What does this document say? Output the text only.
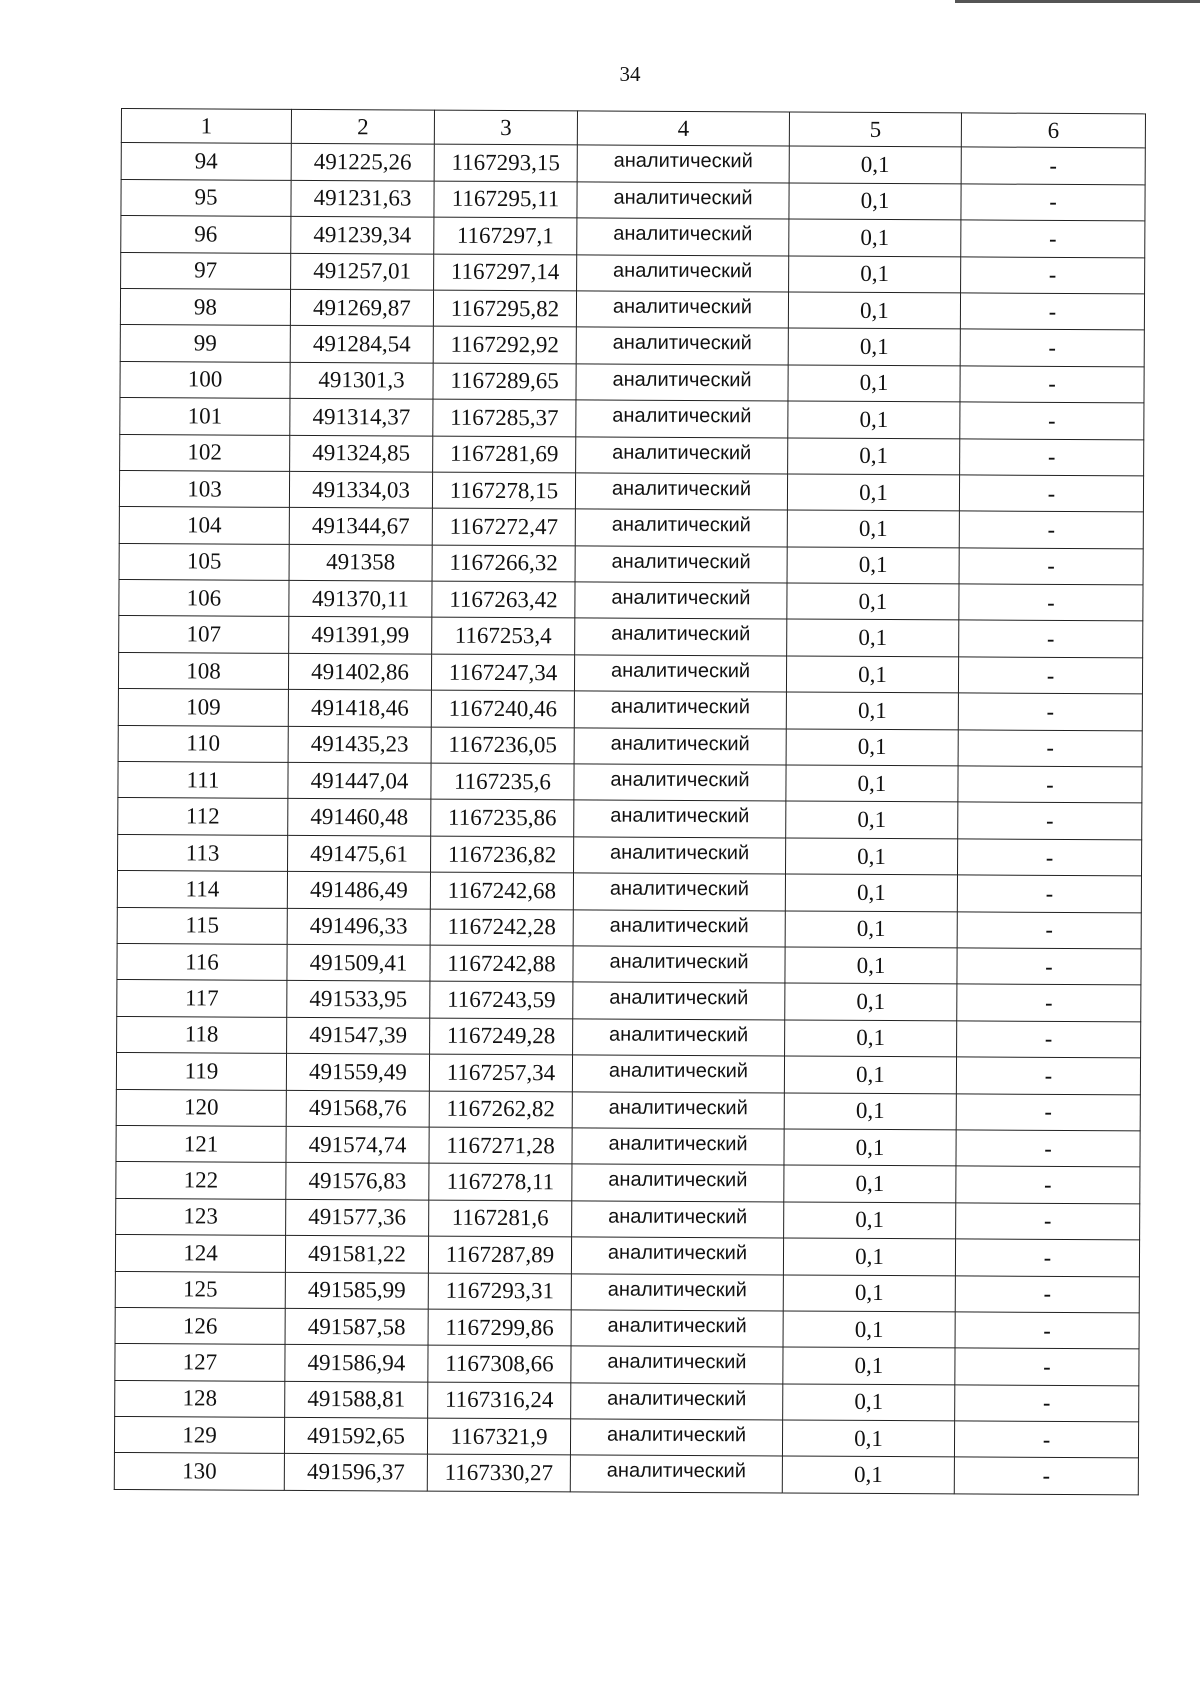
34
1	2	3	4	5	6
94	491225,26	1167293,15	аналитический	0,1	-
95	491231,63	1167295,11	аналитический	0,1	-
96	491239,34	1167297,1	аналитический	0,1	-
97	491257,01	1167297,14	аналитический	0,1	-
98	491269,87	1167295,82	аналитический	0,1	-
99	491284,54	1167292,92	аналитический	0,1	-
100	491301,3	1167289,65	аналитический	0,1	-
101	491314,37	1167285,37	аналитический	0,1	-
102	491324,85	1167281,69	аналитический	0,1	-
103	491334,03	1167278,15	аналитический	0,1	-
104	491344,67	1167272,47	аналитический	0,1	-
105	491358	1167266,32	аналитический	0,1	-
106	491370,11	1167263,42	аналитический	0,1	-
107	491391,99	1167253,4	аналитический	0,1	-
108	491402,86	1167247,34	аналитический	0,1	-
109	491418,46	1167240,46	аналитический	0,1	-
110	491435,23	1167236,05	аналитический	0,1	-
111	491447,04	1167235,6	аналитический	0,1	-
112	491460,48	1167235,86	аналитический	0,1	-
113	491475,61	1167236,82	аналитический	0,1	-
114	491486,49	1167242,68	аналитический	0,1	-
115	491496,33	1167242,28	аналитический	0,1	-
116	491509,41	1167242,88	аналитический	0,1	-
117	491533,95	1167243,59	аналитический	0,1	-
118	491547,39	1167249,28	аналитический	0,1	-
119	491559,49	1167257,34	аналитический	0,1	-
120	491568,76	1167262,82	аналитический	0,1	-
121	491574,74	1167271,28	аналитический	0,1	-
122	491576,83	1167278,11	аналитический	0,1	-
123	491577,36	1167281,6	аналитический	0,1	-
124	491581,22	1167287,89	аналитический	0,1	-
125	491585,99	1167293,31	аналитический	0,1	-
126	491587,58	1167299,86	аналитический	0,1	-
127	491586,94	1167308,66	аналитический	0,1	-
128	491588,81	1167316,24	аналитический	0,1	-
129	491592,65	1167321,9	аналитический	0,1	-
130	491596,37	1167330,27	аналитический	0,1	-
